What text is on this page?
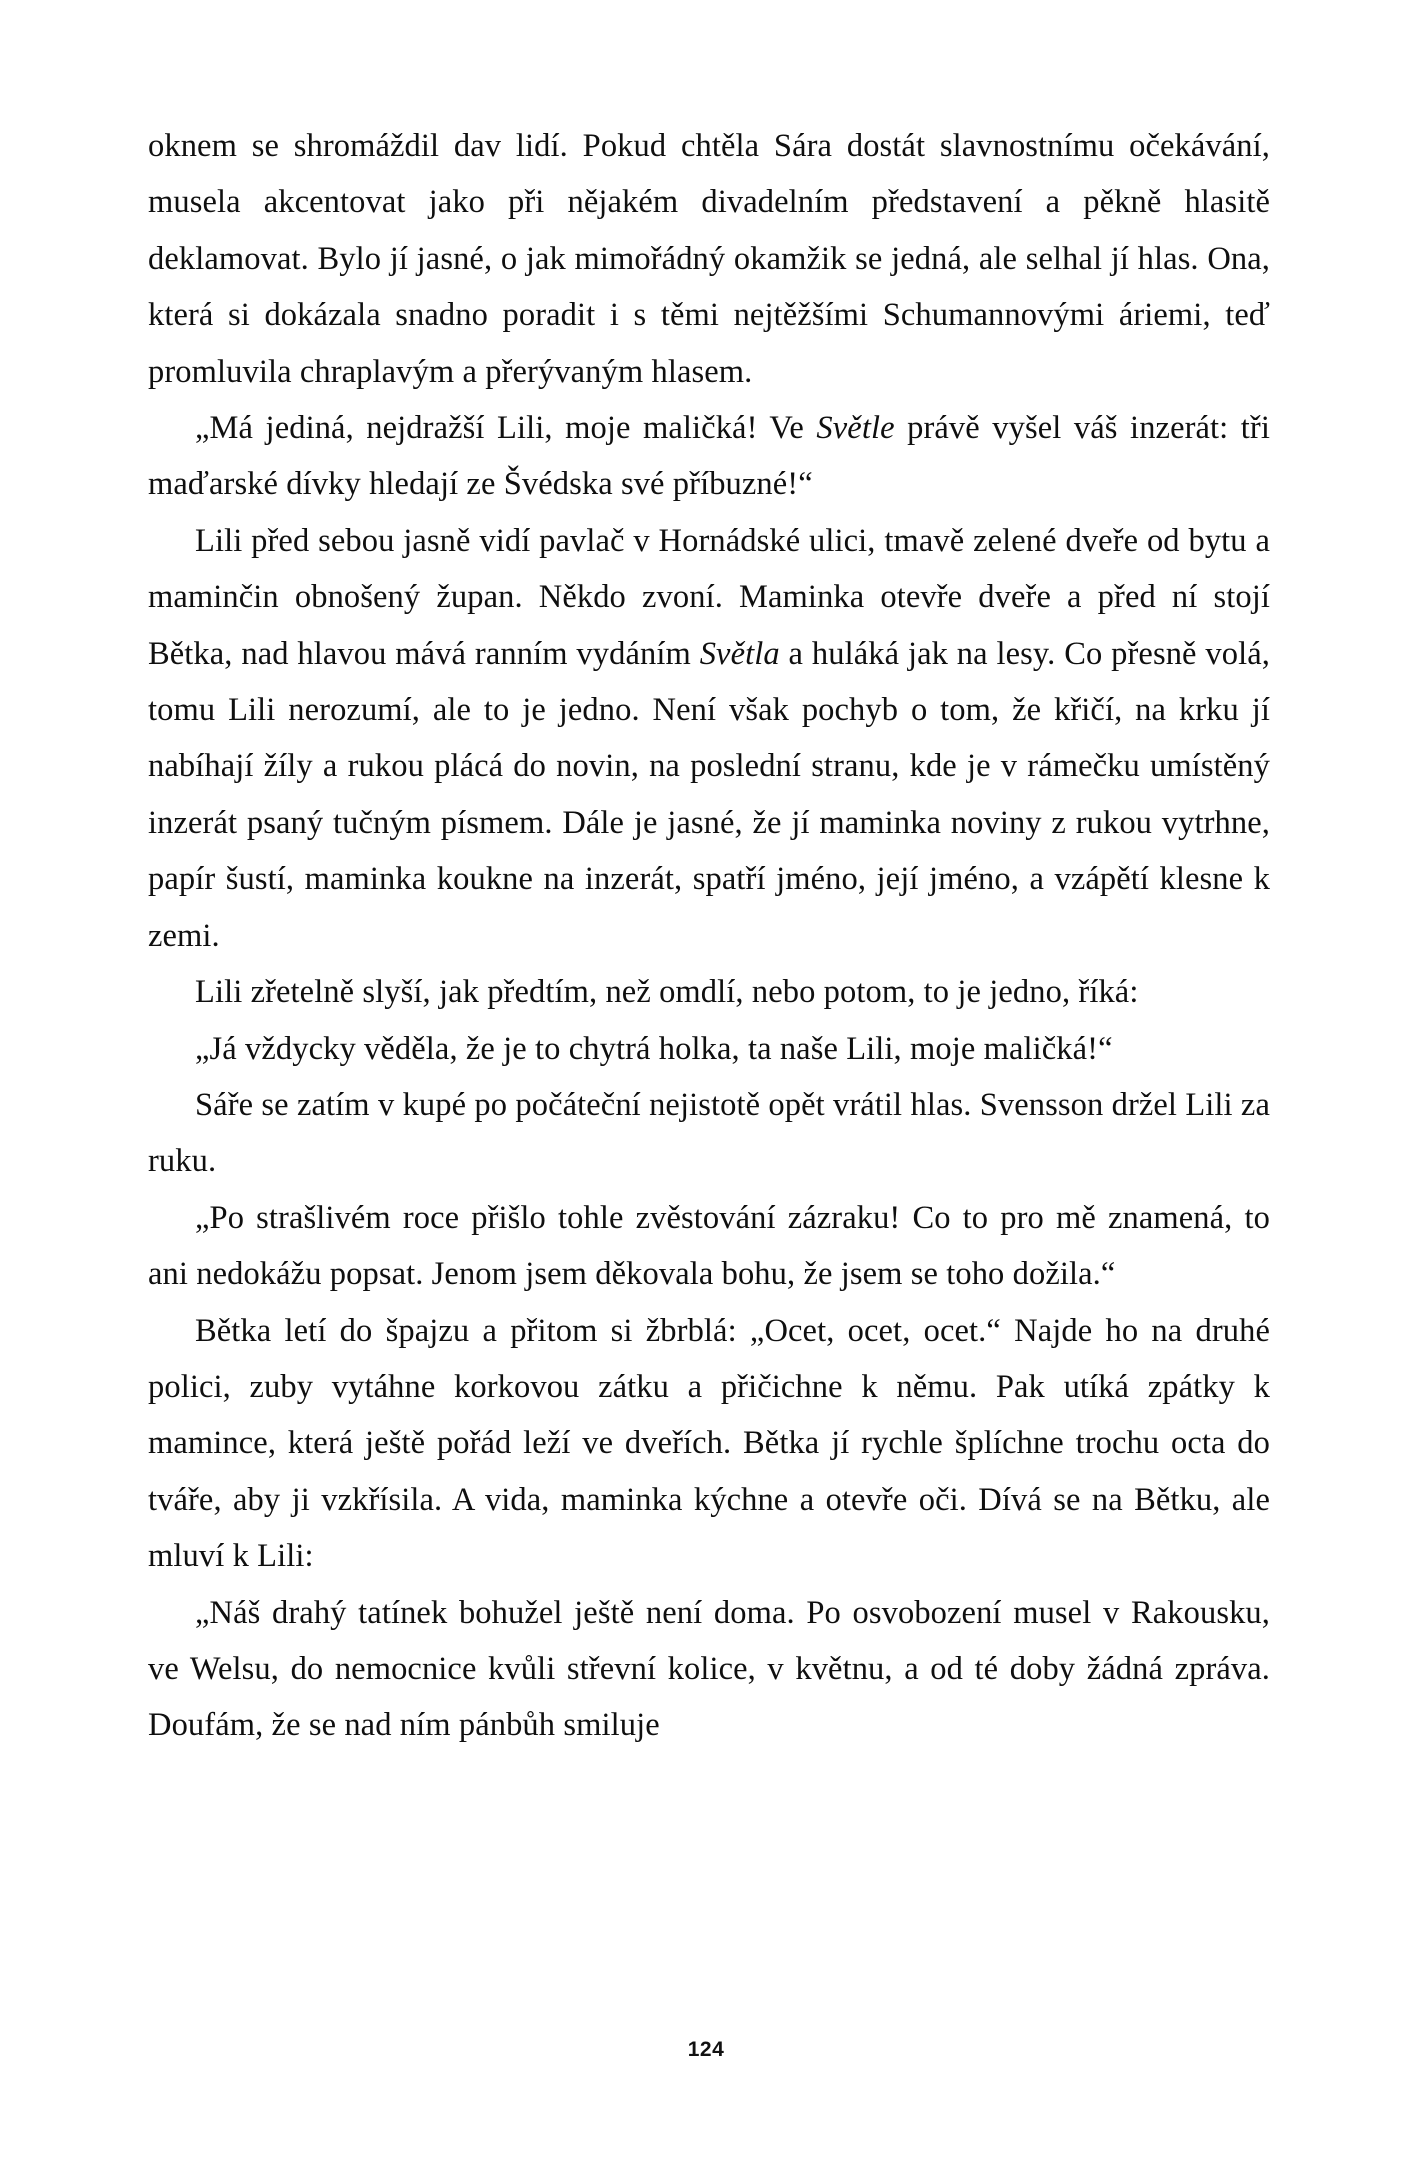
oknem se shromáždil dav lidí. Pokud chtěla Sára dostát slavnostnímu očekávání, musela akcentovat jako při nějakém divadelním představení a pěkně hlasitě deklamovat. Bylo jí jasné, o jak mimořádný okamžik se jedná, ale selhal jí hlas. Ona, která si dokázala snadno poradit i s těmi nejtěžšími Schumannovými áriemi, teď promluvila chraplavým a přerývaným hlasem.

„Má jediná, nejdražší Lili, moje maličká! Ve Světle právě vyšel váš inzerát: tři maďarské dívky hledají ze Švédska své příbuzné!“

Lili před sebou jasně vidí pavlač v Hornádské ulici, tmavě zelené dveře od bytu a maminčin obnošený župan. Někdo zvoní. Maminka otevře dveře a před ní stojí Bětka, nad hlavou mává ranním vydáním Světla a huláká jak na lesy. Co přesně volá, tomu Lili nerozumí, ale to je jedno. Není však pochyb o tom, že křičí, na krku jí nabíhají žíly a rukou plácá do novin, na poslední stranu, kde je v rámečku umístěný inzerát psaný tučným písmem. Dále je jasné, že jí maminka noviny z rukou vytrhne, papír šustí, maminka koukne na inzerát, spatří jméno, její jméno, a vzápětí klesne k zemi.

Lili zřetelně slyší, jak předtím, než omdlí, nebo potom, to je jedno, říká:

„Já vždycky věděla, že je to chytrá holka, ta naše Lili, moje maličká!“

Sáře se zatím v kupé po počáteční nejistotě opět vrátil hlas. Svensson držel Lili za ruku.

„Po strašlivém roce přišlo tohle zvěstování zázraku! Co to pro mě znamená, to ani nedokážu popsat. Jenom jsem děkovala bohu, že jsem se toho dožila.“

Bětka letí do špajzu a přitom si žbrblá: „Ocet, ocet, ocet.“ Najde ho na druhé polici, zuby vytáhne korkovou zátku a přičichne k němu. Pak utíká zpátky k mamince, která ještě pořád leží ve dveřích. Bětka jí rychle šplíchne trochu octa do tváře, aby ji vzkřísila. A vida, maminka kýchne a otevře oči. Dívá se na Bětku, ale mluví k Lili:

„Náš drahý tatínek bohužel ještě není doma. Po osvobození musel v Rakousku, ve Welsu, do nemocnice kvůli střevní kolice, v květnu, a od té doby žádná zpráva. Doufám, že se nad ním pánbůh smiluje

124
